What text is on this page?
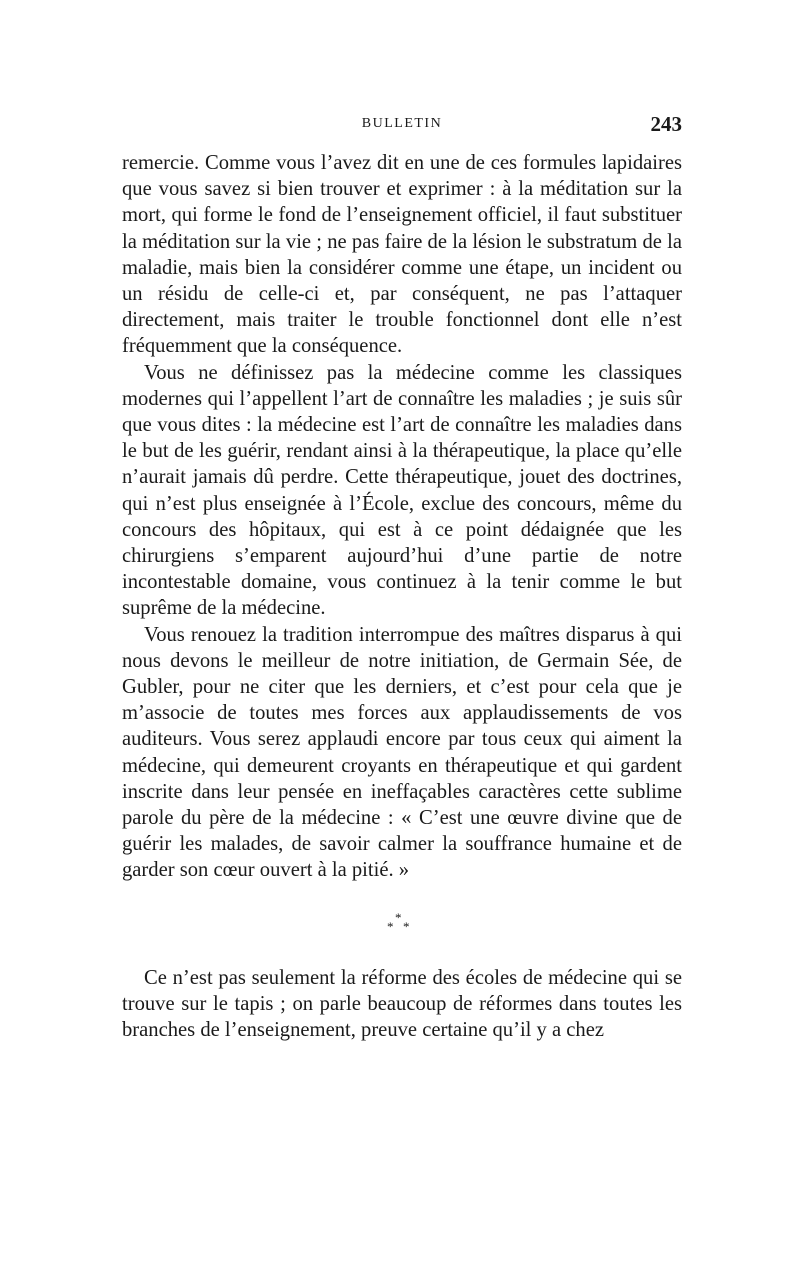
BULLETIN	243

remercie. Comme vous l’avez dit en une de ces formules lapidaires que vous savez si bien trouver et exprimer : à la méditation sur la mort, qui forme le fond de l’enseignement officiel, il faut substituer la méditation sur la vie ; ne pas faire de la lésion le substratum de la maladie, mais bien la considérer comme une étape, un incident ou un résidu de celle-ci et, par conséquent, ne pas l’attaquer directement, mais traiter le trouble fonctionnel dont elle n’est fréquemment que la conséquence.

Vous ne définissez pas la médecine comme les classiques modernes qui l’appellent l’art de connaître les maladies ; je suis sûr que vous dites : la médecine est l’art de connaître les maladies dans le but de les guérir, rendant ainsi à la thérapeutique, la place qu’elle n’aurait jamais dû perdre. Cette thérapeutique, jouet des doctrines, qui n’est plus enseignée à l’École, exclue des concours, même du concours des hôpitaux, qui est à ce point dédaignée que les chirurgiens s’emparent aujourd’hui d’une partie de notre incontestable domaine, vous continuez à la tenir comme le but suprême de la médecine.

Vous renouez la tradition interrompue des maîtres disparus à qui nous devons le meilleur de notre initiation, de Germain Sée, de Gubler, pour ne citer que les derniers, et c’est pour cela que je m’associe de toutes mes forces aux applaudissements de vos auditeurs. Vous serez applaudi encore par tous ceux qui aiment la médecine, qui demeurent croyants en thérapeutique et qui gardent inscrite dans leur pensée en ineffaçables caractères cette sublime parole du père de la médecine : « C’est une œuvre divine que de guérir les malades, de savoir calmer la souffrance humaine et de garder son cœur ouvert à la pitié. »

*
* *

Ce n’est pas seulement la réforme des écoles de médecine qui se trouve sur le tapis ; on parle beaucoup de réformes dans toutes les branches de l’enseignement, preuve certaine qu’il y a chez
